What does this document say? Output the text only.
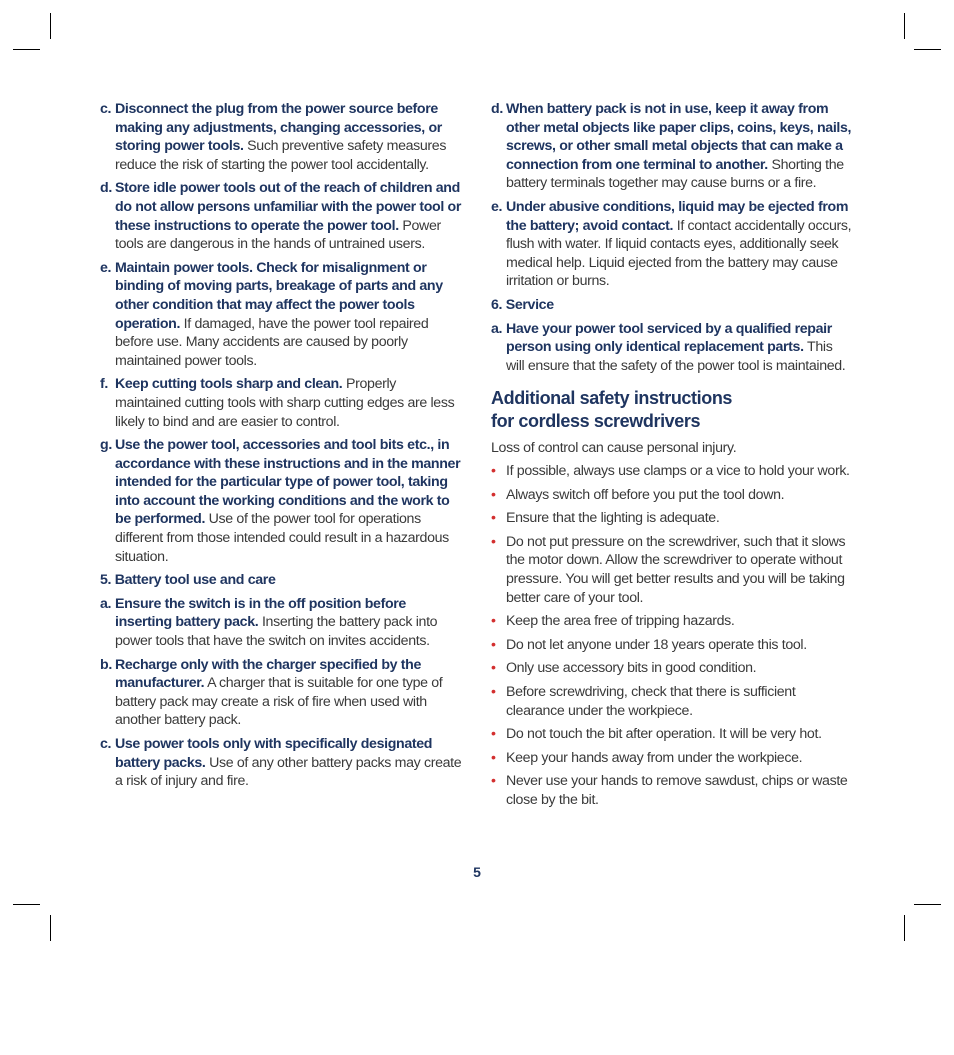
c. Disconnect the plug from the power source before making any adjustments, changing accessories, or storing power tools. Such preventive safety measures reduce the risk of starting the power tool accidentally.
d. Store idle power tools out of the reach of children and do not allow persons unfamiliar with the power tool or these instructions to operate the power tool. Power tools are dangerous in the hands of untrained users.
e. Maintain power tools. Check for misalignment or binding of moving parts, breakage of parts and any other condition that may affect the power tools operation. If damaged, have the power tool repaired before use. Many accidents are caused by poorly maintained power tools.
f. Keep cutting tools sharp and clean. Properly maintained cutting tools with sharp cutting edges are less likely to bind and are easier to control.
g. Use the power tool, accessories and tool bits etc., in accordance with these instructions and in the manner intended for the particular type of power tool, taking into account the working conditions and the work to be performed. Use of the power tool for operations different from those intended could result in a hazardous situation.
5. Battery tool use and care
a. Ensure the switch is in the off position before inserting battery pack. Inserting the battery pack into power tools that have the switch on invites accidents.
b. Recharge only with the charger specified by the manufacturer. A charger that is suitable for one type of battery pack may create a risk of fire when used with another battery pack.
c. Use power tools only with specifically designated battery packs. Use of any other battery packs may create a risk of injury and fire.
d. When battery pack is not in use, keep it away from other metal objects like paper clips, coins, keys, nails, screws, or other small metal objects that can make a connection from one terminal to another. Shorting the battery terminals together may cause burns or a fire.
e. Under abusive conditions, liquid may be ejected from the battery; avoid contact. If contact accidentally occurs, flush with water. If liquid contacts eyes, additionally seek medical help. Liquid ejected from the battery may cause irritation or burns.
6. Service
a. Have your power tool serviced by a qualified repair person using only identical replacement parts. This will ensure that the safety of the power tool is maintained.
Additional safety instructions
for cordless screwdrivers
Loss of control can cause personal injury.
• If possible, always use clamps or a vice to hold your work.
• Always switch off before you put the tool down.
• Ensure that the lighting is adequate.
• Do not put pressure on the screwdriver, such that it slows the motor down. Allow the screwdriver to operate without pressure. You will get better results and you will be taking better care of your tool.
• Keep the area free of tripping hazards.
• Do not let anyone under 18 years operate this tool.
• Only use accessory bits in good condition.
• Before screwdriving, check that there is sufficient clearance under the workpiece.
• Do not touch the bit after operation. It will be very hot.
• Keep your hands away from under the workpiece.
• Never use your hands to remove sawdust, chips or waste close by the bit.
5
